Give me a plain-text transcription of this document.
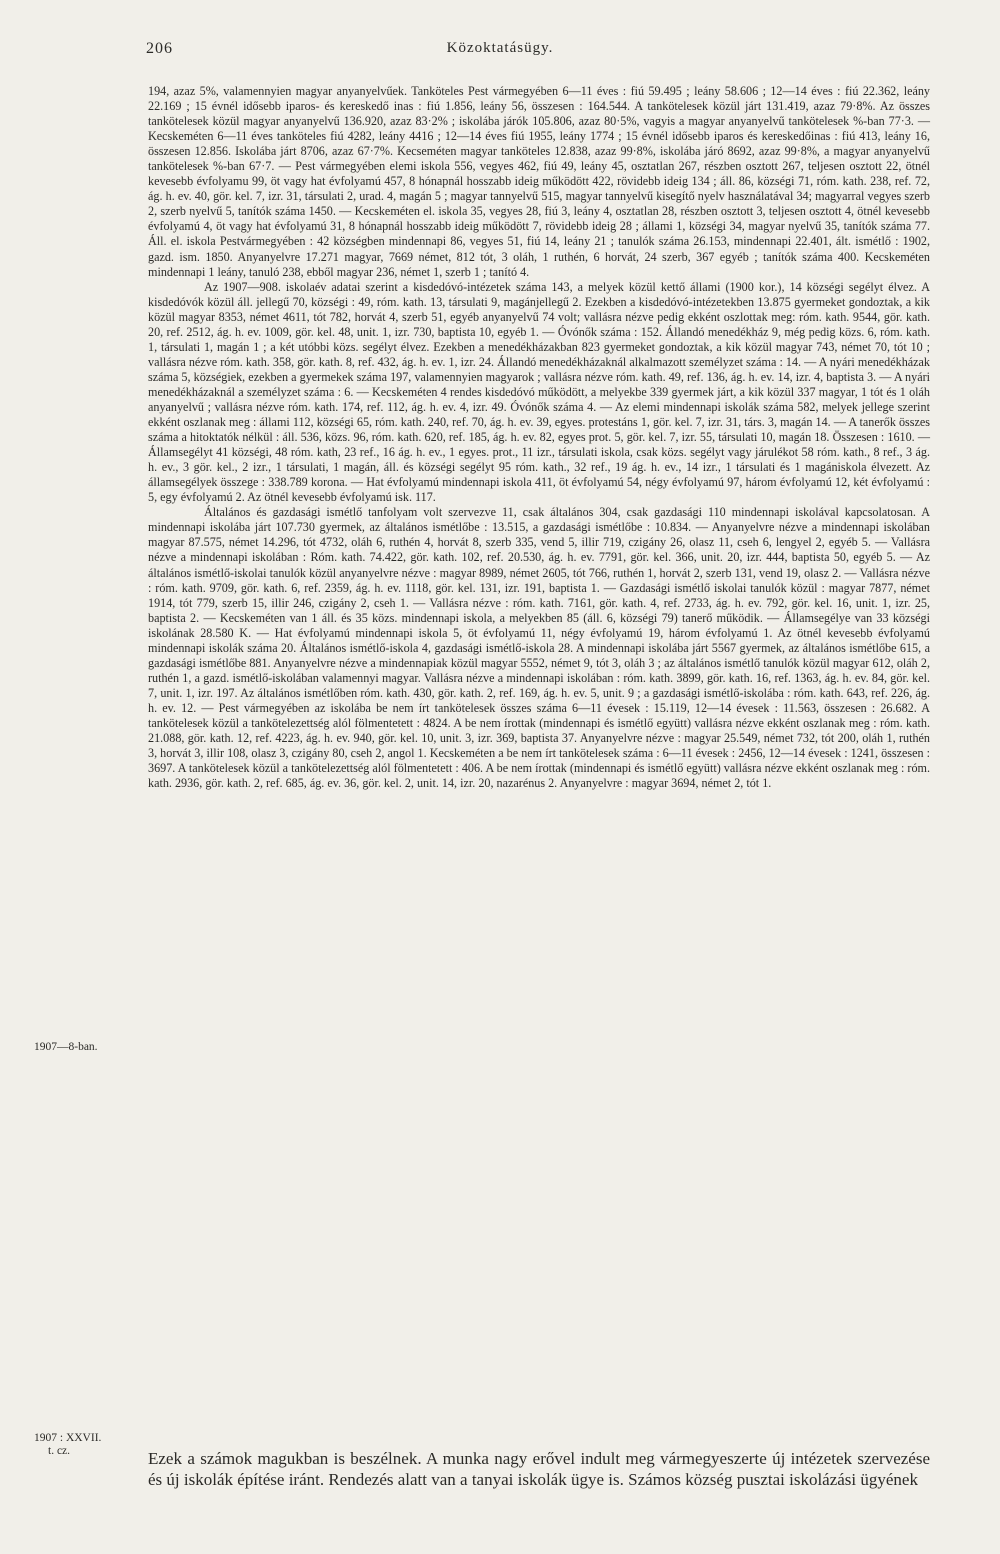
206	Közoktatásügy.
1907—8-ban.
1907 : XXVII.
t. cz.

194, azaz 5%, valamennyien magyar anyanyelvűek. Tanköteles Pest vármegyében 6—11 éves : fiú 59.495 ; leány 58.606 ; 12—14 éves : fiú 22.362, leány 22.169 ; 15 évnél idősebb iparos- és kereskedő inas : fiú 1.856, leány 56, összesen : 164.544. A tankötelesek közül járt 131.419, azaz 79·8%. Az összes tankötelesek közül magyar anyanyelvű 136.920, azaz 83·2% ; iskolába járók 105.806, azaz 80·5%, vagyis a magyar anyanyelvű tankötelesek %-ban 77·3. — Kecskeméten 6—11 éves tanköteles fiú 4282, leány 4416 ; 12—14 éves fiú 1955, leány 1774 ; 15 évnél idősebb iparos és kereskedőinas : fiú 413, leány 16, összesen 12.856. Iskolába járt 8706, azaz 67·7%. Kecseméten magyar tanköteles 12.838, azaz 99·8%, iskolába járó 8692, azaz 99·8%, a magyar anyanyelvű tankötelesek %-ban 67·7. — Pest vármegyében elemi iskola 556, vegyes 462, fiú 49, leány 45, osztatlan 267, részben osztott 267, teljesen osztott 22, ötnél kevesebb évfolyamu 99, öt vagy hat évfolyamú 457, 8 hónapnál hosszabb ideig működött 422, rövidebb ideig 134 ; áll. 86, községi 71, róm. kath. 238, ref. 72, ág. h. ev. 40, gör. kel. 7, izr. 31, társulati 2, urad. 4, magán 5 ; magyar tannyelvű 515, magyar tannyelvű kisegítő nyelv használatával 34; magyarral vegyes szerb 2, szerb nyelvű 5, tanítók száma 1450. — Kecskeméten el. iskola 35, vegyes 28, fiú 3, leány 4, osztatlan 28, részben osztott 3, teljesen osztott 4, ötnél kevesebb évfolyamú 4, öt vagy hat évfolyamú 31, 8 hónapnál hosszabb ideig működött 7, rövidebb ideig 28 ; állami 1, községi 34, magyar nyelvű 35, tanítók száma 77. Áll. el. iskola Pestvármegyében : 42 községben mindennapi 86, vegyes 51, fiú 14, leány 21 ; tanulók száma 26.153, mindennapi 22.401, ált. ismétlő : 1902, gazd. ism. 1850. Anyanyelvre 17.271 magyar, 7669 német, 812 tót, 3 oláh, 1 ruthén, 6 horvát, 24 szerb, 367 egyéb ; tanítók száma 400. Kecskeméten mindennapi 1 leány, tanuló 238, ebből magyar 236, német 1, szerb 1 ; tanító 4.

Az 1907—908. iskolaév adatai szerint a kisdedóvó-intézetek száma 143, a melyek közül kettő állami (1900 kor.), 14 községi segélyt élvez. A kisdedóvók közül áll. jellegű 70, községi : 49, róm. kath. 13, társulati 9, magánjellegű 2. Ezekben a kisdedóvó-intézetekben 13.875 gyermeket gondoztak, a kik közül magyar 8353, német 4611, tót 782, horvát 4, szerb 51, egyéb anyanyelvű 74 volt; vallásra nézve pedig ekként oszlottak meg: róm. kath. 9544, gör. kath. 20, ref. 2512, ág. h. ev. 1009, gör. kel. 48, unit. 1, izr. 730, baptista 10, egyéb 1. — Óvónők száma : 152. Állandó menedékház 9, még pedig közs. 6, róm. kath. 1, társulati 1, magán 1 ; a két utóbbi közs. segélyt élvez. Ezekben a menedékházakban 823 gyermeket gondoztak, a kik közül magyar 743, német 70, tót 10 ; vallásra nézve róm. kath. 358, gör. kath. 8, ref. 432, ág. h. ev. 1, izr. 24. Állandó menedékházaknál alkalmazott személyzet száma : 14. — A nyári menedékházak száma 5, községiek, ezekben a gyermekek száma 197, valamennyien magyarok ; vallásra nézve róm. kath. 49, ref. 136, ág. h. ev. 14, izr. 4, baptista 3. — A nyári menedékházaknál a személyzet száma : 6. — Kecskeméten 4 rendes kisdedóvó működött, a melyekbe 339 gyermek járt, a kik közül 337 magyar, 1 tót és 1 oláh anyanyelvű ; vallásra nézve róm. kath. 174, ref. 112, ág. h. ev. 4, izr. 49. Óvónők száma 4. — Az elemi mindennapi iskolák száma 582, melyek jellege szerint ekként oszlanak meg : állami 112, községi 65, róm. kath. 240, ref. 70, ág. h. ev. 39, egyes. protestáns 1, gör. kel. 7, izr. 31, társ. 3, magán 14. — A tanerők összes száma a hitoktatók nélkül : áll. 536, közs. 96, róm. kath. 620, ref. 185, ág. h. ev. 82, egyes prot. 5, gör. kel. 7, izr. 55, társulati 10, magán 18. Összesen : 1610. — Államsegélyt 41 községi, 48 róm. kath, 23 ref., 16 ág. h. ev., 1 egyes. prot., 11 izr., társulati iskola, csak közs. segélyt vagy járulékot 58 róm. kath., 8 ref., 3 ág. h. ev., 3 gör. kel., 2 izr., 1 társulati, 1 magán, áll. és községi segélyt 95 róm. kath., 32 ref., 19 ág. h. ev., 14 izr., 1 társulati és 1 magániskola élvezett. Az államsegélyek összege : 338.789 korona. — Hat évfolyamú mindennapi iskola 411, öt évfolyamú 54, négy évfolyamú 97, három évfolyamú 12, két évfolyamú : 5, egy évfolyamú 2. Az ötnél kevesebb évfolyamú isk. 117.

Általános és gazdasági ismétlő tanfolyam volt szervezve 11, csak általános 304, csak gazdasági 110 mindennapi iskolával kapcsolatosan. A mindennapi iskolába járt 107.730 gyermek, az általános ismétlőbe : 13.515, a gazdasági ismétlőbe : 10.834. — Anyanyelvre nézve a mindennapi iskolában magyar 87.575, német 14.296, tót 4732, oláh 6, ruthén 4, horvát 8, szerb 335, vend 5, illir 719, czigány 26, olasz 11, cseh 6, lengyel 2, egyéb 5. — Vallásra nézve a mindennapi iskolában : Róm. kath. 74.422, gör. kath. 102, ref. 20.530, ág. h. ev. 7791, gör. kel. 366, unit. 20, izr. 444, baptista 50, egyéb 5. — Az általános ismétlő-iskolai tanulók közül anyanyelvre nézve : magyar 8989, német 2605, tót 766, ruthén 1, horvát 2, szerb 131, vend 19, olasz 2. — Vallásra nézve : róm. kath. 9709, gör. kath. 6, ref. 2359, ág. h. ev. 1118, gör. kel. 131, izr. 191, baptista 1. — Gazdasági ismétlő iskolai tanulók közül : magyar 7877, német 1914, tót 779, szerb 15, illir 246, czigány 2, cseh 1. — Vallásra nézve : róm. kath. 7161, gör. kath. 4, ref. 2733, ág. h. ev. 792, gör. kel. 16, unit. 1, izr. 25, baptista 2. — Kecskeméten van 1 áll. és 35 közs. mindennapi iskola, a melyekben 85 (áll. 6, községi 79) tanerő működik. — Államsegélye van 33 községi iskolának 28.580 K. — Hat évfolyamú mindennapi iskola 5, öt évfolyamú 11, négy évfolyamú 19, három évfolyamú 1. Az ötnél kevesebb évfolyamú mindennapi iskolák száma 20. Általános ismétlő-iskola 4, gazdasági ismétlő-iskola 28. A mindennapi iskolába járt 5567 gyermek, az általános ismétlőbe 615, a gazdasági ismétlőbe 881. Anyanyelvre nézve a mindennapiak közül magyar 5552, német 9, tót 3, oláh 3 ; az általános ismétlő tanulók közül magyar 612, oláh 2, ruthén 1, a gazd. ismétlő-iskolában valamennyi magyar. Vallásra nézve a mindennapi iskolában : róm. kath. 3899, gör. kath. 16, ref. 1363, ág. h. ev. 84, gör. kel. 7, unit. 1, izr. 197. Az általános ismétlőben róm. kath. 430, gör. kath. 2, ref. 169, ág. h. ev. 5, unit. 9 ; a gazdasági ismétlő-iskolába : róm. kath. 643, ref. 226, ág. h. ev. 12. — Pest vármegyében az iskolába be nem írt tankötelesek összes száma 6—11 évesek : 15.119, 12—14 évesek : 11.563, összesen : 26.682. A tankötelesek közül a tankötelezettség alól fölmentetett : 4824. A be nem írottak (mindennapi és ismétlő együtt) vallásra nézve ekként oszlanak meg : róm. kath. 21.088, gör. kath. 12, ref. 4223, ág. h. ev. 940, gör. kel. 10, unit. 3, izr. 369, baptista 37. Anyanyelvre nézve : magyar 25.549, német 732, tót 200, oláh 1, ruthén 3, horvát 3, illir 108, olasz 3, czigány 80, cseh 2, angol 1. Kecskeméten a be nem írt tankötelesek száma : 6—11 évesek : 2456, 12—14 évesek : 1241, összesen : 3697. A tankötelesek közül a tankötelezettség alól fölmentetett : 406. A be nem írottak (mindennapi és ismétlő együtt) vallásra nézve ekként oszlanak meg : róm. kath. 2936, gör. kath. 2, ref. 685, ág. ev. 36, gör. kel. 2, unit. 14, izr. 20, nazarénus 2. Anyanyelvre : magyar 3694, német 2, tót 1.

Ezek a számok magukban is beszélnek. A munka nagy erővel indult meg vármegyeszerte új intézetek szervezése és új iskolák építése iránt. Rendezés alatt van a tanyai iskolák ügye is. Számos község pusztai iskolázási ügyének
